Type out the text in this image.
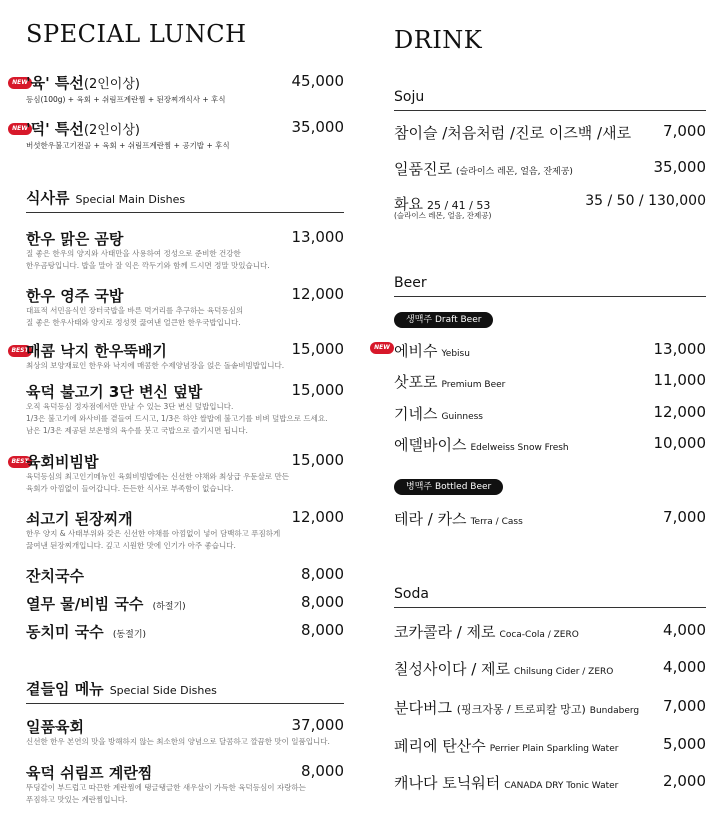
SPECIAL LUNCH
NEW
'육' 특선(2인이상)	45,000
등심(100g) + 육회 + 쉬림프계란찜 + 된장찌개식사 + 후식
NEW
'덕' 특선(2인이상)	35,000
버섯한우불고기전골 + 육회 + 쉬림프계란찜 + 공기밥 + 후식
식사류 Special Main Dishes
한우 맑은 곰탕	13,000
질 좋은 한우의 양지와 사태만을 사용하여 정성으로 준비한 건강한
한우곰탕입니다. 밥을 말아 잘 익은 깍두기와 함께 드시면 정말 맛있습니다.
한우 영주 국밥	12,000
대표적 서민음식인 장터국밥을 바른 먹거리를 추구하는 육덕등심의
질 좋은 한우사태와 양지로 정성껏 끓여낸 얼큰한 한우국밥입니다.
BEST
매콤 낙지 한우뚝배기	15,000
최상의 보양재료인 한우와 낙지에 매콤한 수제양념장을 얹은 돌솥비빔밥입니다.
육덕 불고기 3단 변신 덮밥	15,000
오직 육덕등심 정자점에서만 만날 수 있는 3단 변신 덮밥입니다.
1/3은 불고기에 와사비를 곁들여 드시고, 1/3은 하얀 쌀밥에 불고기를 비벼 덮밥으로 드세요.
남은 1/3은 제공된 보온병의 육수를 붓고 국밥으로 즐기시면 됩니다.
BEST
육회비빔밥	15,000
육덕등심의 최고인기메뉴인 육회비빔밥에는 신선한 야채와 최상급 우둔살로 만든
육회가 아낌없이 들어갑니다. 든든한 식사로 부족함이 없습니다.
쇠고기 된장찌개	12,000
한우 양지 & 사태부위와 갖은 신선한 야채를 아낌없이 넣어 담백하고 푸짐하게
끓여낸 된장찌개입니다. 깊고 시원한 맛에 인기가 아주 좋습니다.
잔치국수	8,000
열무 물/비빔 국수 (하절기)	8,000
동치미 국수 (동절기)	8,000
곁들임 메뉴 Special Side Dishes
일품육회	37,000
신선한 한우 본연의 맛을 방해하지 않는 최소한의 양념으로 달콤하고 깔끔한 맛이 일품입니다.
육덕 쉬림프 계란찜	8,000
뚜딩같이 부드럽고 따끈한 계란찜에 탱글탱글한 새우살이 가득한 육덕등심이 자랑하는
푸짐하고 맛있는 계란찜입니다.
DRINK
Soju
참이슬 /처음처럼 /진로 이즈백 /새로 7,000
일품진로 (슬라이스 레몬, 얼음, 잔제공)	35,000
화요 25 / 41 / 53	35 / 50 / 130,000
(슬라이스 레몬, 얼음, 잔제공)
Beer
생맥주 Draft Beer
NEW 에비수 Yebisu	13,000
삿포로 Premium Beer	11,000
기네스 Guinness	12,000
에델바이스 Edelweiss Snow Fresh	10,000
병맥주 Bottled Beer
테라 / 카스 Terra / Cass	7,000
Soda
코카콜라 / 제로 Coca-Cola / ZERO	4,000
칠성사이다 / 제로 Chilsung Cider / ZERO	4,000
분다버그 (핑크자몽 / 트로피칼 망고) Bundaberg 7,000
페리에 탄산수 Perrier Plain Sparkling Water	5,000
캐나다 토닉워터 CANADA DRY Tonic Water	2,000
